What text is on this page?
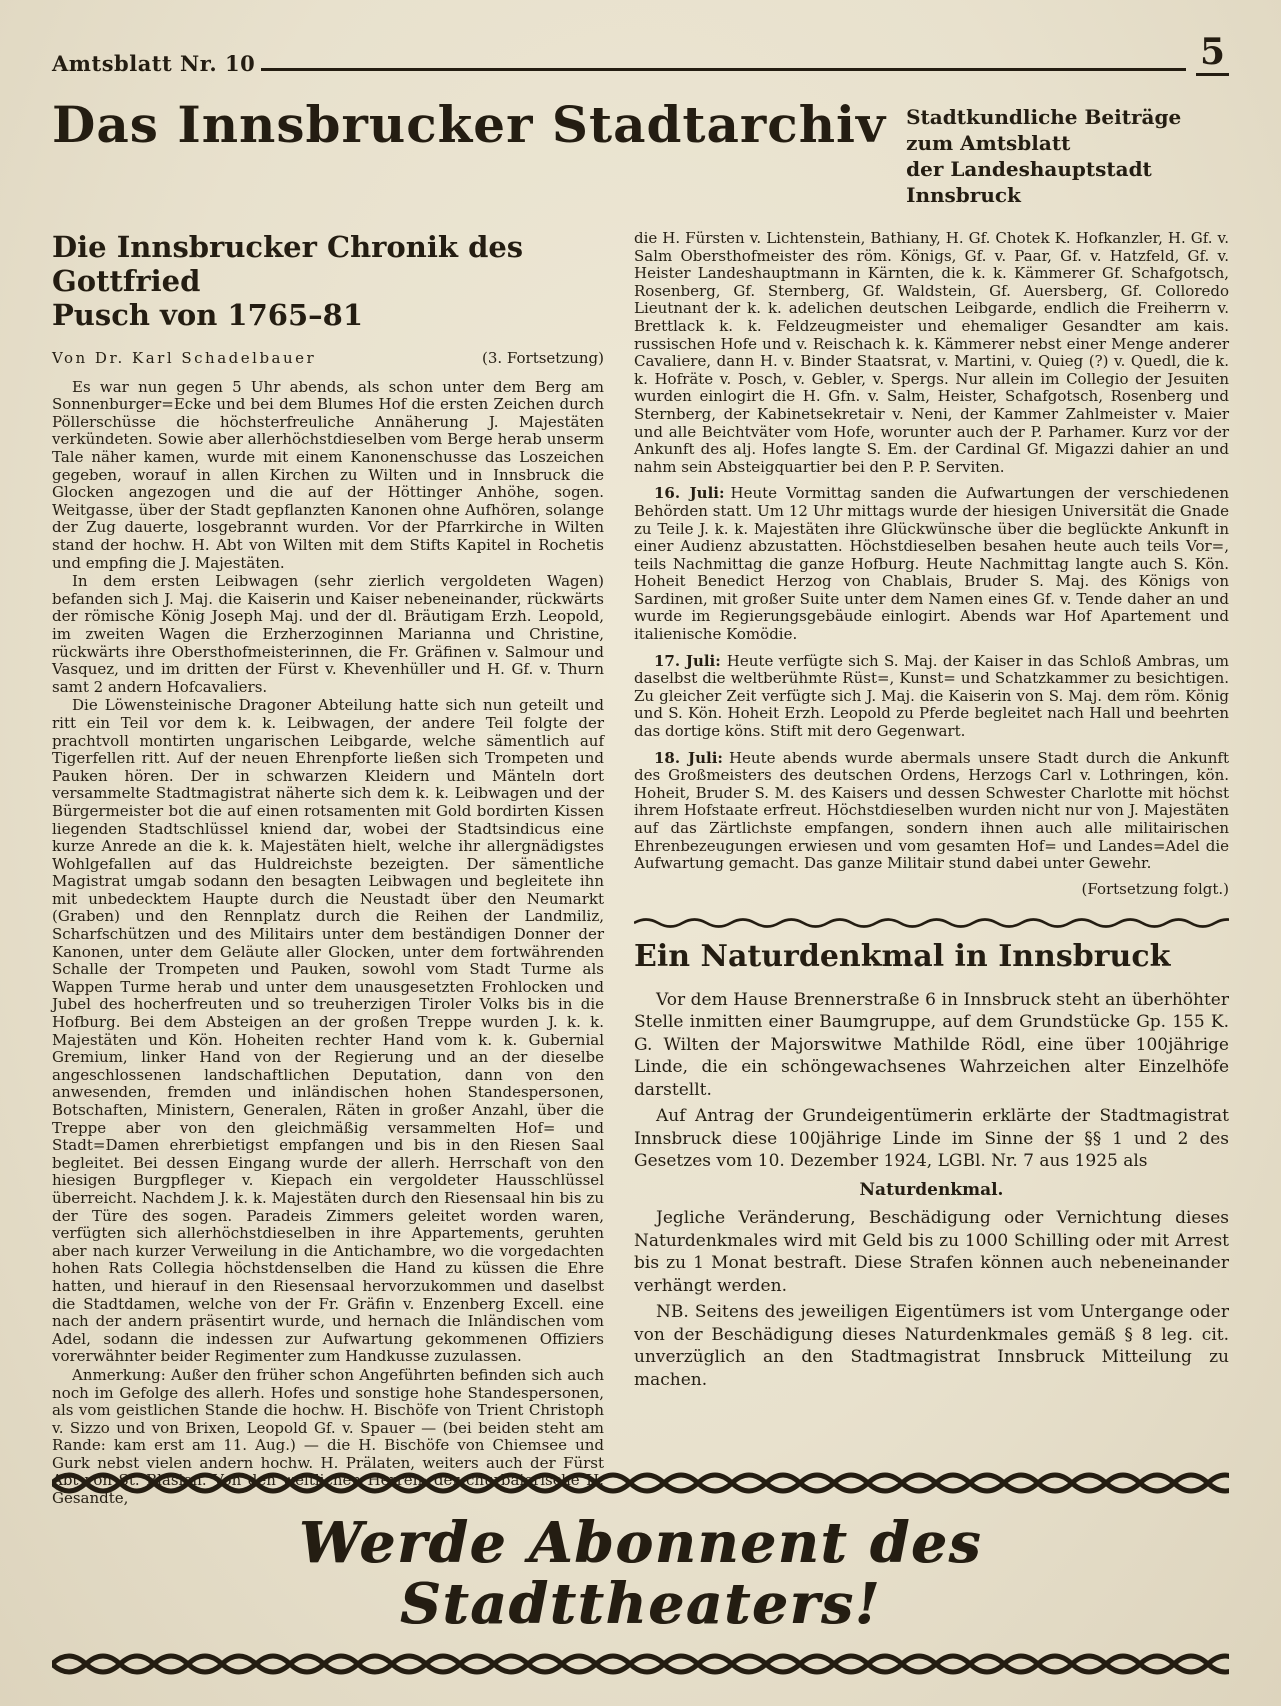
Amtsblatt Nr. 10	5
Das Innsbrucker Stadtarchiv Stadtkundliche Beiträge zum Amtsblatt
der Landeshauptstadt Innsbruck
Die Innsbrucker Chronik des Gottfried
Pusch von 1765–81
Von Dr. Karl Schadelbauer	(3. Fortsetzung)

Es war nun gegen 5 Uhr abends, als schon unter dem Berg am Sonnenburger=Ecke und bei dem Blumes Hof die ersten Zeichen durch Pöllerschüsse die höchsterfreuliche Annäherung J. Majestäten verkündeten. Sowie aber allerhöchstdieselben vom Berge herab unserm Tale näher kamen, wurde mit einem Kanonenschusse das Loszeichen gegeben, worauf in allen Kirchen zu Wilten und in Innsbruck die Glocken angezogen und die auf der Höttinger Anhöhe, sogen. Weitgasse, über der Stadt gepflanzten Kanonen ohne Aufhören, solange der Zug dauerte, losgebrannt wurden. Vor der Pfarrkirche in Wilten stand der hochw. H. Abt von Wilten mit dem Stifts Kapitel in Rochetis und empfing die J. Majestäten.

In dem ersten Leibwagen (sehr zierlich vergoldeten Wagen) befanden sich J. Maj. die Kaiserin und Kaiser nebeneinander, rückwärts der römische König Joseph Maj. und der dl. Bräutigam Erzh. Leopold, im zweiten Wagen die Erzherzoginnen Marianna und Christine, rückwärts ihre Obersthofmeisterinnen, die Fr. Gräfinen v. Salmour und Vasquez, und im dritten der Fürst v. Khevenhüller und H. Gf. v. Thurn samt 2 andern Hofcavaliers.

Die Löwensteinische Dragoner Abteilung hatte sich nun geteilt und ritt ein Teil vor dem k. k. Leibwagen, der andere Teil folgte der prachtvoll montirten ungarischen Leibgarde, welche sämentlich auf Tigerfellen ritt. Auf der neuen Ehrenpforte ließen sich Trompeten und Pauken hören. Der in schwarzen Kleidern und Mänteln dort versammelte Stadtmagistrat näherte sich dem k. k. Leibwagen und der Bürgermeister bot die auf einen rotsamenten mit Gold bordirten Kissen liegenden Stadtschlüssel kniend dar, wobei der Stadtsindicus eine kurze Anrede an die k. k. Majestäten hielt, welche ihr allergnädigstes Wohlgefallen auf das Huldreichste bezeigten. Der sämentliche Magistrat umgab sodann den besagten Leibwagen und begleitete ihn mit unbedecktem Haupte durch die Neustadt über den Neumarkt (Graben) und den Rennplatz durch die Reihen der Landmiliz, Scharfschützen und des Militairs unter dem beständigen Donner der Kanonen, unter dem Geläute aller Glocken, unter dem fortwährenden Schalle der Trompeten und Pauken, sowohl vom Stadt Turme als Wappen Turme herab und unter dem unausgesetzten Frohlocken und Jubel des hocherfreuten und so treuherzigen Tiroler Volks bis in die Hofburg. Bei dem Absteigen an der großen Treppe wurden J. k. k. Majestäten und Kön. Hoheiten rechter Hand vom k. k. Gubernial Gremium, linker Hand von der Regierung und an der dieselbe angeschlossenen landschaftlichen Deputation, dann von den anwesenden, fremden und inländischen hohen Standespersonen, Botschaften, Ministern, Generalen, Räten in großer Anzahl, über die Treppe aber von den gleichmäßig versammelten Hof= und Stadt=Damen ehrerbietigst empfangen und bis in den Riesen Saal begleitet. Bei dessen Eingang wurde der allerh. Herrschaft von den hiesigen Burgpfleger v. Kiepach ein vergoldeter Hausschlüssel überreicht. Nachdem J. k. k. Majestäten durch den Riesensaal hin bis zu der Türe des sogen. Paradeis Zimmers geleitet worden waren, verfügten sich allerhöchstdieselben in ihre Appartements, geruhten aber nach kurzer Verweilung in die Antichambre, wo die vorgedachten hohen Rats Collegia höchstdenselben die Hand zu küssen die Ehre hatten, und hierauf in den Riesensaal hervorzukommen und daselbst die Stadtdamen, welche von der Fr. Gräfin v. Enzenberg Excell. eine nach der andern präsentirt wurde, und hernach die Inländischen vom Adel, sodann die indessen zur Aufwartung gekommenen Offiziers vorerwähnter beider Regimenter zum Handkusse zuzulassen.

Anmerkung: Außer den früher schon Angeführten befinden sich auch noch im Gefolge des allerh. Hofes und sonstige hohe Standespersonen, als vom geistlichen Stande die hochw. H. Bischöfe von Trient Christoph v. Sizzo und von Brixen, Leopold Gf. v. Spauer — (bei beiden steht am Rande: kam erst am 11. Aug.) — die H. Bischöfe von Chiemsee und Gurk nebst vielen andern hochw. H. Prälaten, weiters auch der Fürst Abt von St. Blasien. Von den weltlichen Herren: der churbaierische H. Gesandte,

die H. Fürsten v. Lichtenstein, Bathiany, H. Gf. Chotek K. Hofkanzler, H. Gf. v. Salm Obersthofmeister des röm. Königs, Gf. v. Paar, Gf. v. Hatzfeld, Gf. v. Heister Landeshauptmann in Kärnten, die k. k. Kämmerer Gf. Schafgotsch, Rosenberg, Gf. Sternberg, Gf. Waldstein, Gf. Auersberg, Gf. Colloredo Lieutnant der k. k. adelichen deutschen Leibgarde, endlich die Freiherrn v. Brettlack k. k. Feldzeugmeister und ehemaliger Gesandter am kais. russischen Hofe und v. Reischach k. k. Kämmerer nebst einer Menge anderer Cavaliere, dann H. v. Binder Staatsrat, v. Martini, v. Quieg (?) v. Quedl, die k. k. Hofräte v. Posch, v. Gebler, v. Spergs. Nur allein im Collegio der Jesuiten wurden einlogirt die H. Gfn. v. Salm, Heister, Schafgotsch, Rosenberg und Sternberg, der Kabinetsekretair v. Neni, der Kammer Zahlmeister v. Maier und alle Beichtväter vom Hofe, worunter auch der P. Parhamer. Kurz vor der Ankunft des alj. Hofes langte S. Em. der Cardinal Gf. Migazzi dahier an und nahm sein Absteigquartier bei den P. P. Serviten.

16. Juli: Heute Vormittag sanden die Aufwartungen der verschiedenen Behörden statt. Um 12 Uhr mittags wurde der hiesigen Universität die Gnade zu Teile J. k. k. Majestäten ihre Glückwünsche über die beglückte Ankunft in einer Audienz abzustatten. Höchstdieselben besahen heute auch teils Vor=, teils Nachmittag die ganze Hofburg. Heute Nachmittag langte auch S. Kön. Hoheit Benedict Herzog von Chablais, Bruder S. Maj. des Königs von Sardinen, mit großer Suite unter dem Namen eines Gf. v. Tende daher an und wurde im Regierungsgebäude einlogirt. Abends war Hof Apartement und italienische Komödie.

17. Juli: Heute verfügte sich S. Maj. der Kaiser in das Schloß Ambras, um daselbst die weltberühmte Rüst=, Kunst= und Schatzkammer zu besichtigen. Zu gleicher Zeit verfügte sich J. Maj. die Kaiserin von S. Maj. dem röm. König und S. Kön. Hoheit Erzh. Leopold zu Pferde begleitet nach Hall und beehrten das dortige köns. Stift mit dero Gegenwart.

18. Juli: Heute abends wurde abermals unsere Stadt durch die Ankunft des Großmeisters des deutschen Ordens, Herzogs Carl v. Lothringen, kön. Hoheit, Bruder S. M. des Kaisers und dessen Schwester Charlotte mit höchst ihrem Hofstaate erfreut. Höchstdieselben wurden nicht nur von J. Majestäten auf das Zärtlichste empfangen, sondern ihnen auch alle militairischen Ehrenbezeugungen erwiesen und vom gesamten Hof= und Landes=Adel die Aufwartung gemacht. Das ganze Militair stund dabei unter Gewehr.

(Fortsetzung folgt.)

Ein Naturdenkmal in Innsbruck

Vor dem Hause Brennerstraße 6 in Innsbruck steht an überhöhter Stelle inmitten einer Baumgruppe, auf dem Grundstücke Gp. 155 K. G. Wilten der Majorswitwe Mathilde Rödl, eine über 100jährige Linde, die ein schöngewachsenes Wahrzeichen alter Einzelhöfe darstellt.

Auf Antrag der Grundeigentümerin erklärte der Stadtmagistrat Innsbruck diese 100jährige Linde im Sinne der §§ 1 und 2 des Gesetzes vom 10. Dezember 1924, LGBl. Nr. 7 aus 1925 als

Naturdenkmal.

Jegliche Veränderung, Beschädigung oder Vernichtung dieses Naturdenkmales wird mit Geld bis zu 1000 Schilling oder mit Arrest bis zu 1 Monat bestraft. Diese Strafen können auch nebeneinander verhängt werden.

NB. Seitens des jeweiligen Eigentümers ist vom Untergange oder von der Beschädigung dieses Naturdenkmales gemäß § 8 leg. cit. unverzüglich an den Stadtmagistrat Innsbruck Mitteilung zu machen.

Werde Abonnent des Stadttheaters!
